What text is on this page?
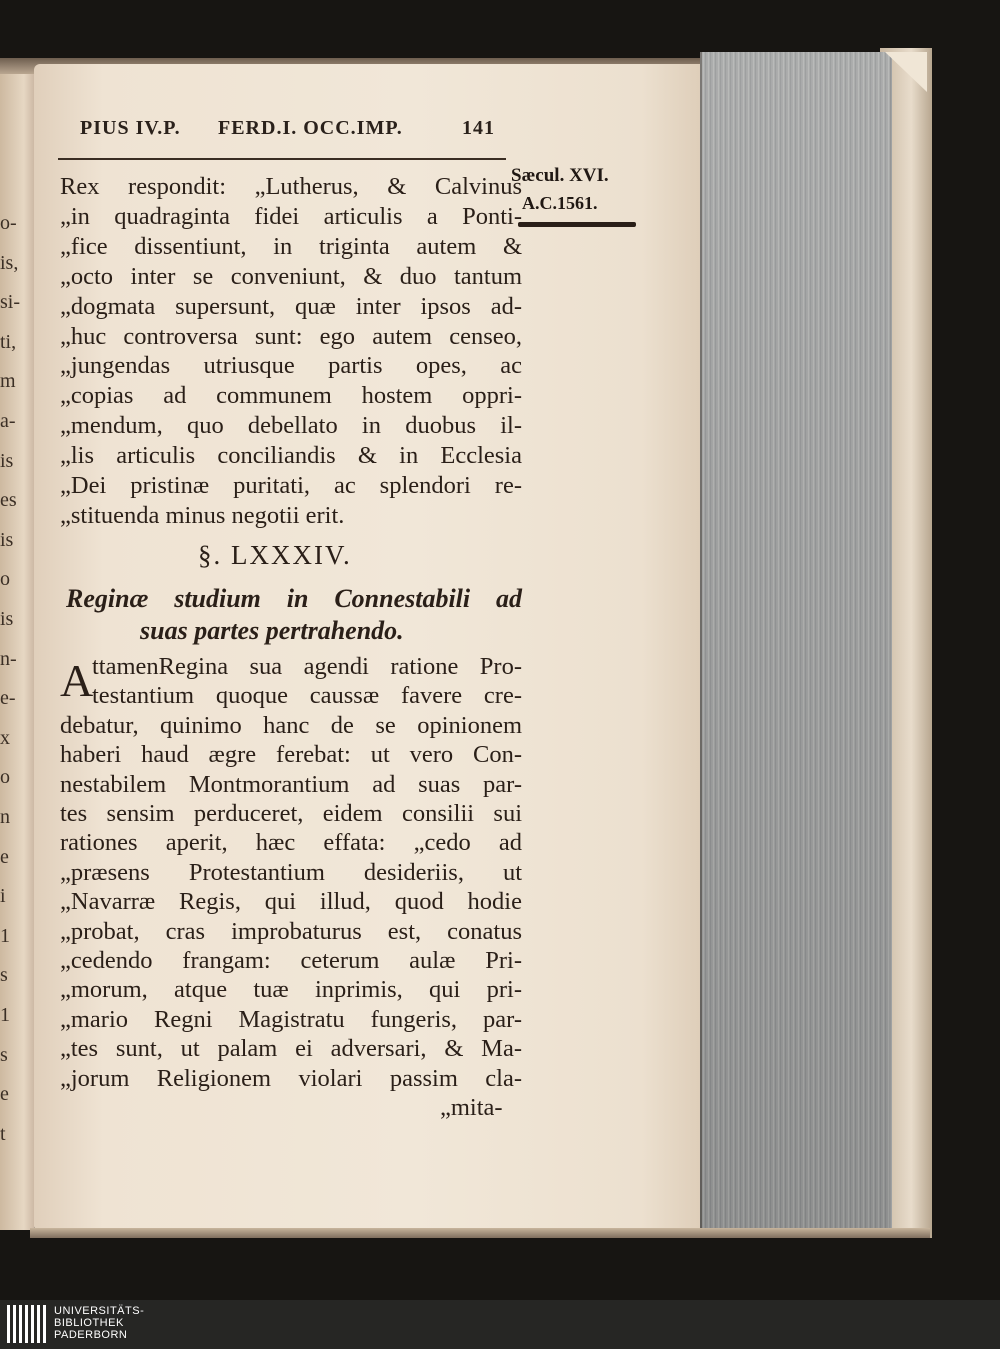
PIUS IV.P. FERD.I. OCC.IMP.	141
Sæcul. XVI.
A.C.1561.
§. LXXXIV.
Reginæ studium in Connestabili ad
suas partes pertrahendo.
A
„mita-
Rex respondit: „Lutherus, & Calvinus
„in quadraginta fidei articulis a Ponti-
„fice dissentiunt, in triginta autem &
„octo inter se conveniunt, & duo tantum
„dogmata supersunt, quæ inter ipsos ad-
„huc controversa sunt: ego autem censeo,
„jungendas utriusque partis opes, ac
„copias ad communem hostem oppri-
„mendum, quo debellato in duobus il-
„lis articulis conciliandis & in Ecclesia
„Dei pristinæ puritati, ac splendori re-
„stituenda minus negotii erit.
ttamenRegina sua agendi ratione Pro-
testantium quoque caussæ favere cre-
debatur, quinimo hanc de se opinionem
haberi haud ægre ferebat: ut vero Con-
nestabilem Montmorantium ad suas par-
tes sensim perduceret, eidem consilii sui
rationes aperit, hæc effata: „cedo ad
„præsens Protestantium desideriis, ut
„Navarræ Regis, qui illud, quod hodie
„probat, cras improbaturus est, conatus
„cedendo frangam: ceterum aulæ Pri-
„morum, atque tuæ inprimis, qui pri-
„mario Regni Magistratu fungeris, par-
„tes sunt, ut palam ei adversari, & Ma-
„jorum Religionem violari passim cla-
o-
is,
si-
ti,
m
a-
is
es
is
o
is
n-
e-
x
o
n
e
i
1
s
1
s
e
t
UNIVERSITÄTS-
BIBLIOTHEK
PADERBORN
